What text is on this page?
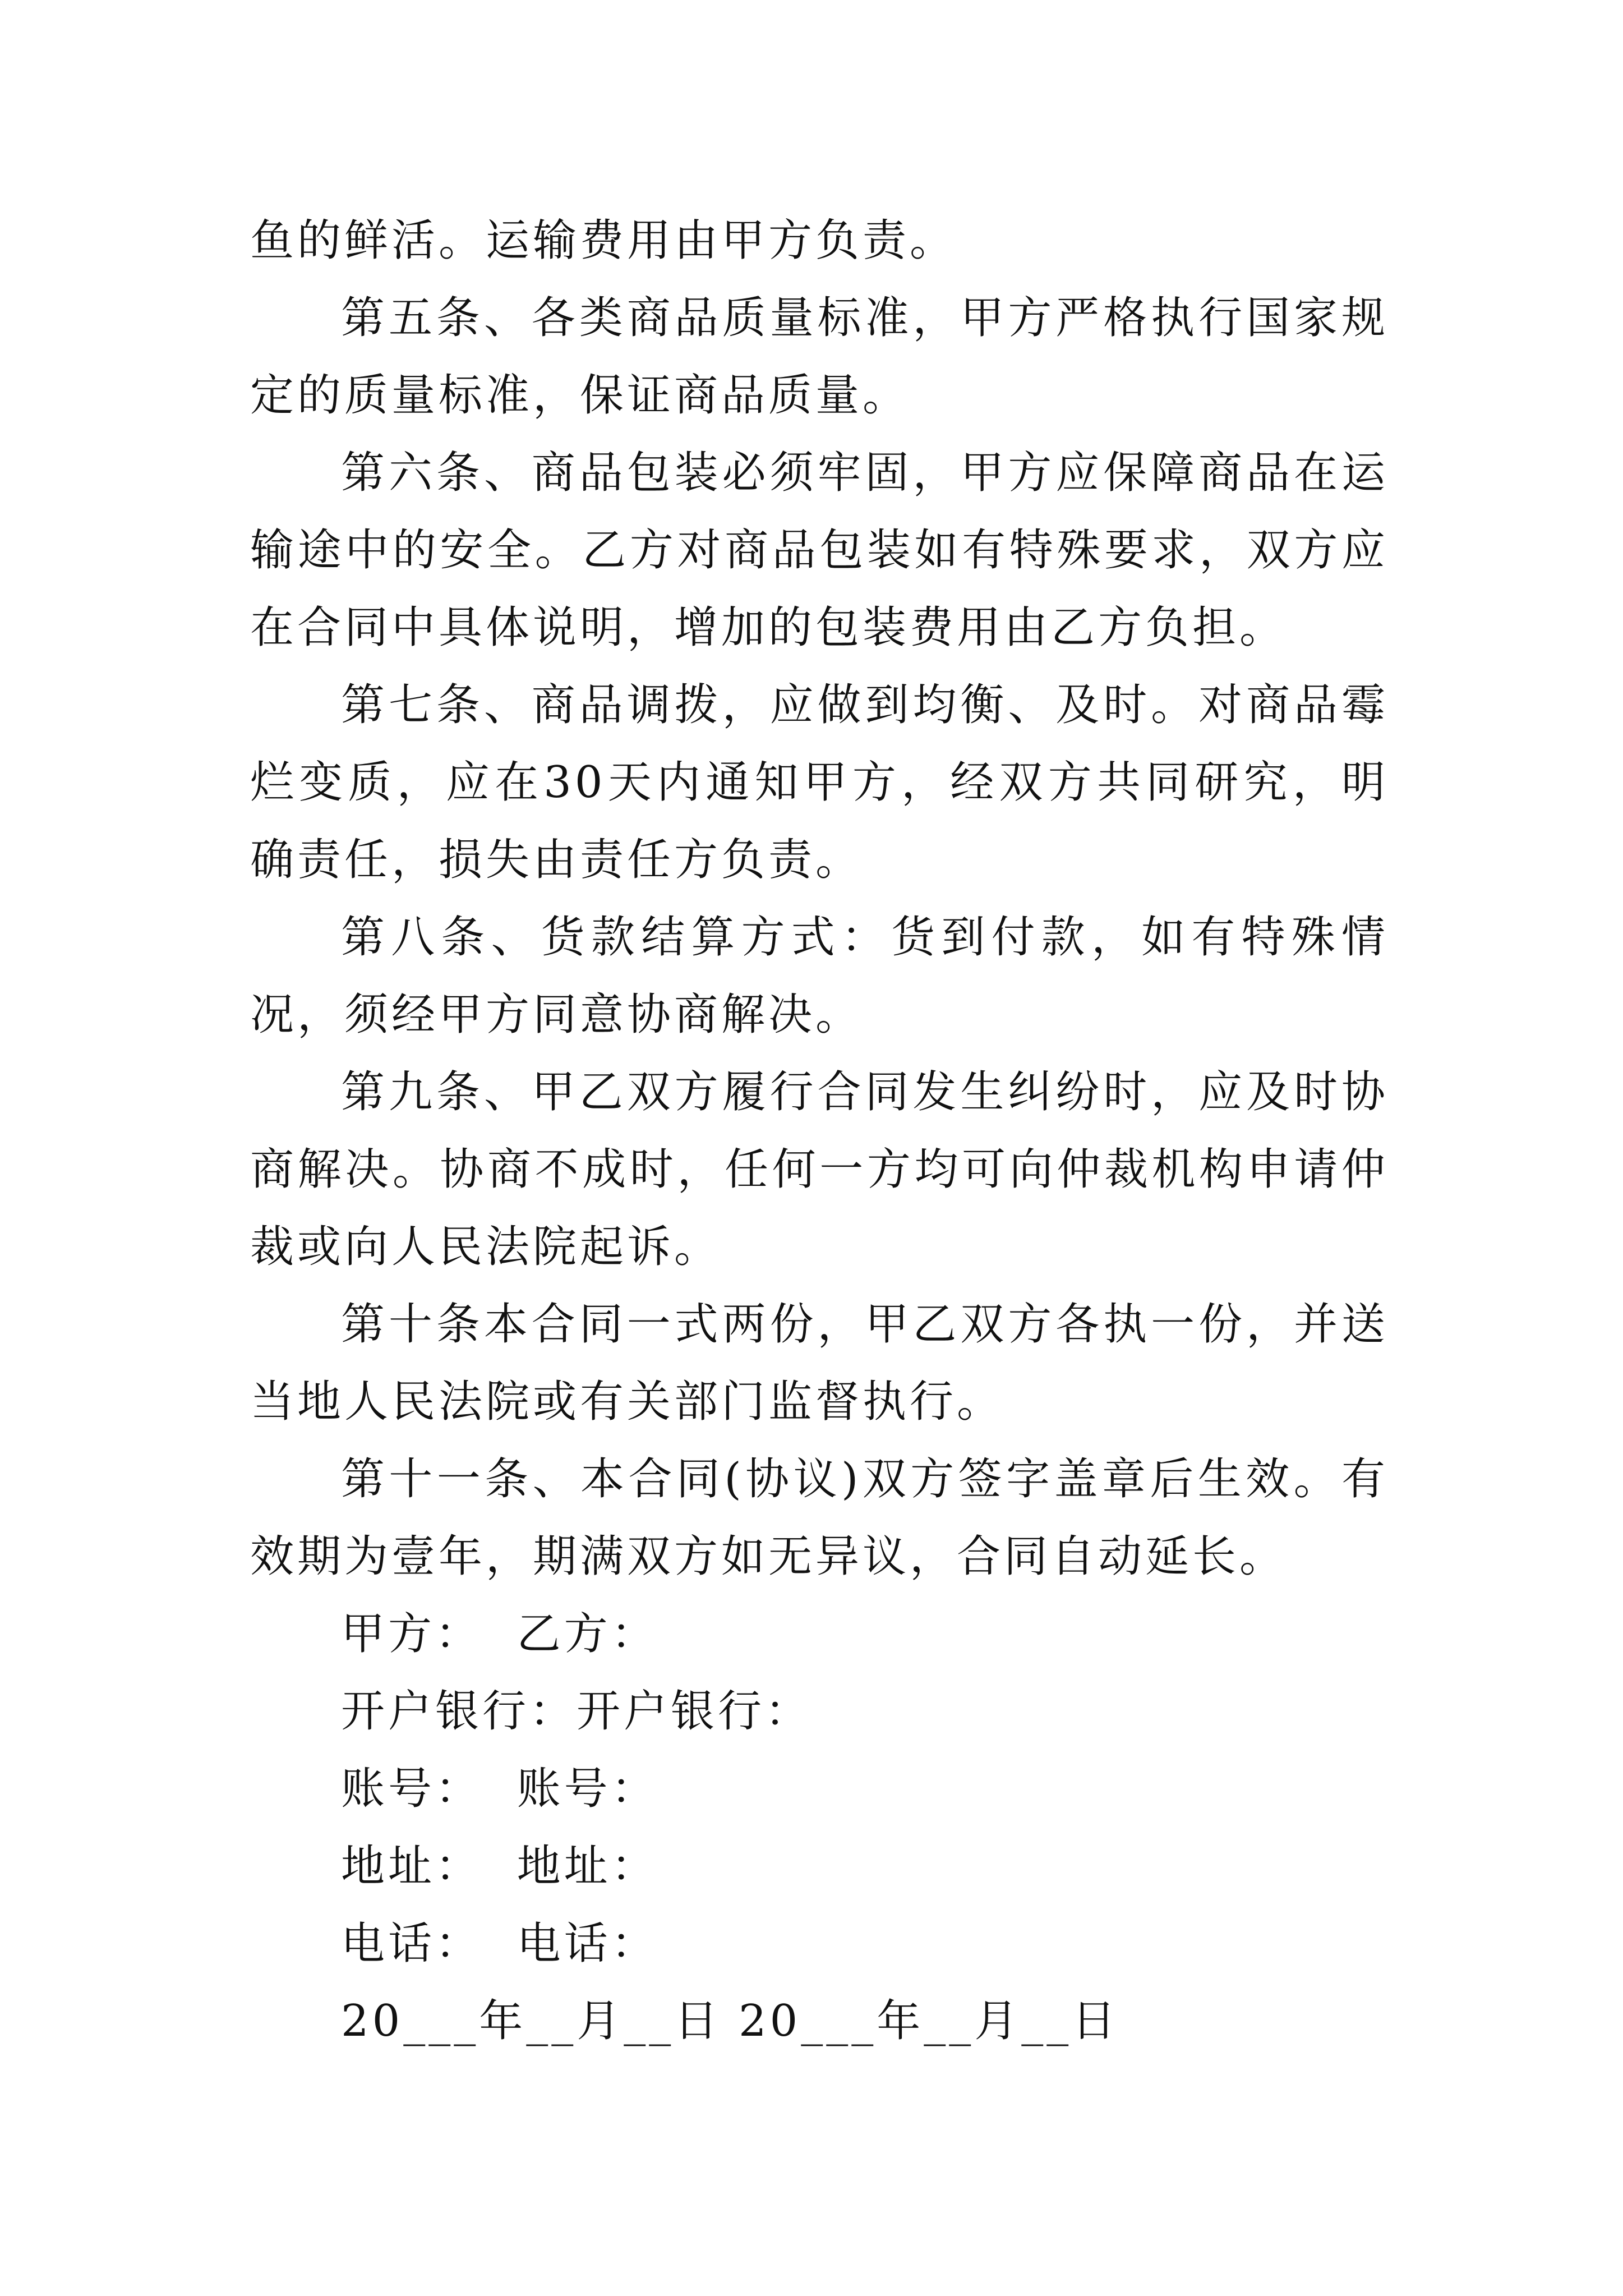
鱼的鲜活。运输费用由甲方负责。

第五条、各类商品质量标准，甲方严格执行国家规定的质量标准，保证商品质量。

第六条、商品包装必须牢固，甲方应保障商品在运输途中的安全。乙方对商品包装如有特殊要求，双方应在合同中具体说明，增加的包装费用由乙方负担。

第七条、商品调拨，应做到均衡、及时。对商品霉烂变质，应在30天内通知甲方，经双方共同研究，明确责任，损失由责任方负责。

第八条、货款结算方式：货到付款，如有特殊情况，须经甲方同意协商解决。

第九条、甲乙双方履行合同发生纠纷时，应及时协商解决。协商不成时，任何一方均可向仲裁机构申请仲裁或向人民法院起诉。

第十条本合同一式两份，甲乙双方各执一份，并送当地人民法院或有关部门监督执行。

第十一条、本合同(协议)双方签字盖章后生效。有效期为壹年，期满双方如无异议，合同自动延长。

甲方：  乙方：

开户银行：开户银行：

账号：  账号：

地址：  地址：

电话：  电话：

20___年__月__日 20___年__月__日
